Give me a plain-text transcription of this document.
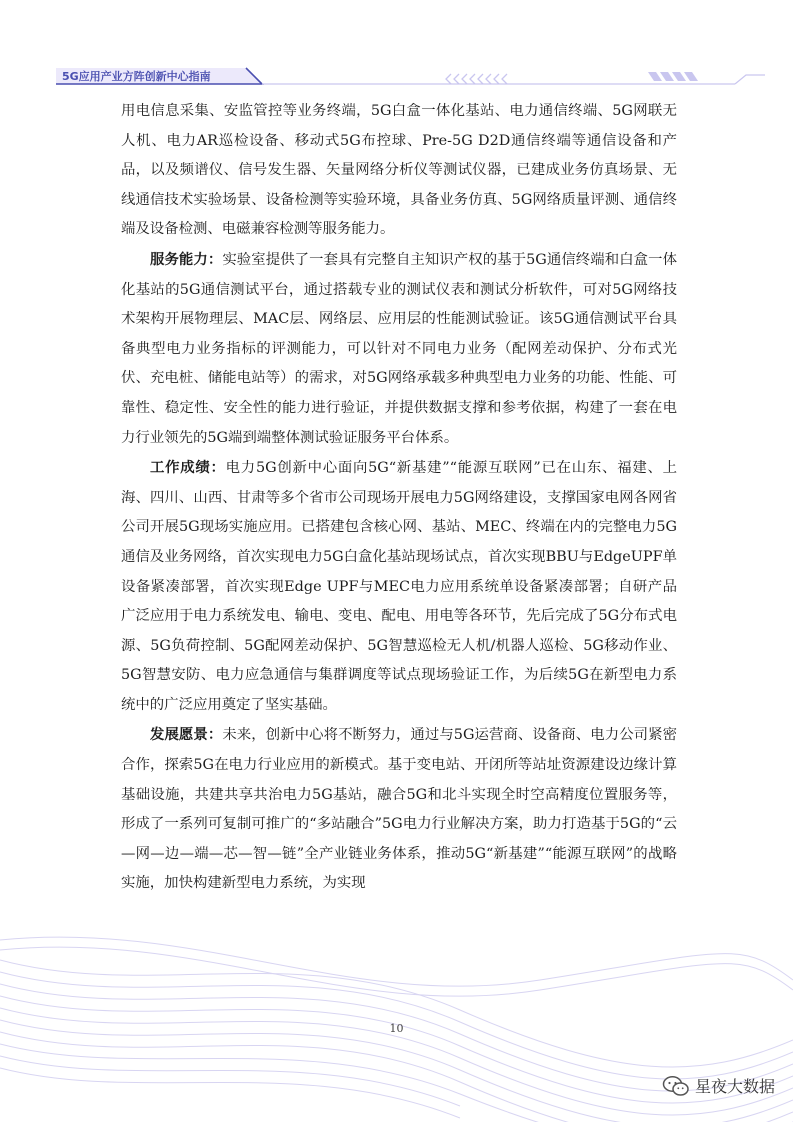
5G应用产业方阵创新中心指南

用电信息采集、安监管控等业务终端，5G白盒一体化基站、电力通信终端、5G网联无人机、电力AR巡检设备、移动式5G布控球、Pre-5G D2D通信终端等通信设备和产品，以及频谱仪、信号发生器、矢量网络分析仪等测试仪器，已建成业务仿真场景、无线通信技术实验场景、设备检测等实验环境，具备业务仿真、5G网络质量评测、通信终端及设备检测、电磁兼容检测等服务能力。

服务能力：实验室提供了一套具有完整自主知识产权的基于5G通信终端和白盒一体化基站的5G通信测试平台，通过搭载专业的测试仪表和测试分析软件，可对5G网络技术架构开展物理层、MAC层、网络层、应用层的性能测试验证。该5G通信测试平台具备典型电力业务指标的评测能力，可以针对不同电力业务（配网差动保护、分布式光伏、充电桩、储能电站等）的需求，对5G网络承载多种典型电力业务的功能、性能、可靠性、稳定性、安全性的能力进行验证，并提供数据支撑和参考依据，构建了一套在电力行业领先的5G端到端整体测试验证服务平台体系。

工作成绩：电力5G创新中心面向5G“新基建”“能源互联网”已在山东、福建、上海、四川、山西、甘肃等多个省市公司现场开展电力5G网络建设，支撑国家电网各网省公司开展5G现场实施应用。已搭建包含核心网、基站、MEC、终端在内的完整电力5G通信及业务网络，首次实现电力5G白盒化基站现场试点，首次实现BBU与EdgeUPF单设备紧凑部署，首次实现Edge UPF与MEC电力应用系统单设备紧凑部署；自研产品广泛应用于电力系统发电、输电、变电、配电、用电等各环节，先后完成了5G分布式电源、5G负荷控制、5G配网差动保护、5G智慧巡检无人机/机器人巡检、5G移动作业、5G智慧安防、电力应急通信与集群调度等试点现场验证工作，为后续5G在新型电力系统中的广泛应用奠定了坚实基础。

发展愿景：未来，创新中心将不断努力，通过与5G运营商、设备商、电力公司紧密合作，探索5G在电力行业应用的新模式。基于变电站、开闭所等站址资源建设边缘计算基础设施，共建共享共治电力5G基站，融合5G和北斗实现全时空高精度位置服务等，形成了一系列可复制可推广的“多站融合”5G电力行业解决方案，助力打造基于5G的“云—网—边—端—芯—智—链”全产业链业务体系，推动5G“新基建”“能源互联网”的战略实施，加快构建新型电力系统，为实现

10
星夜大数据
